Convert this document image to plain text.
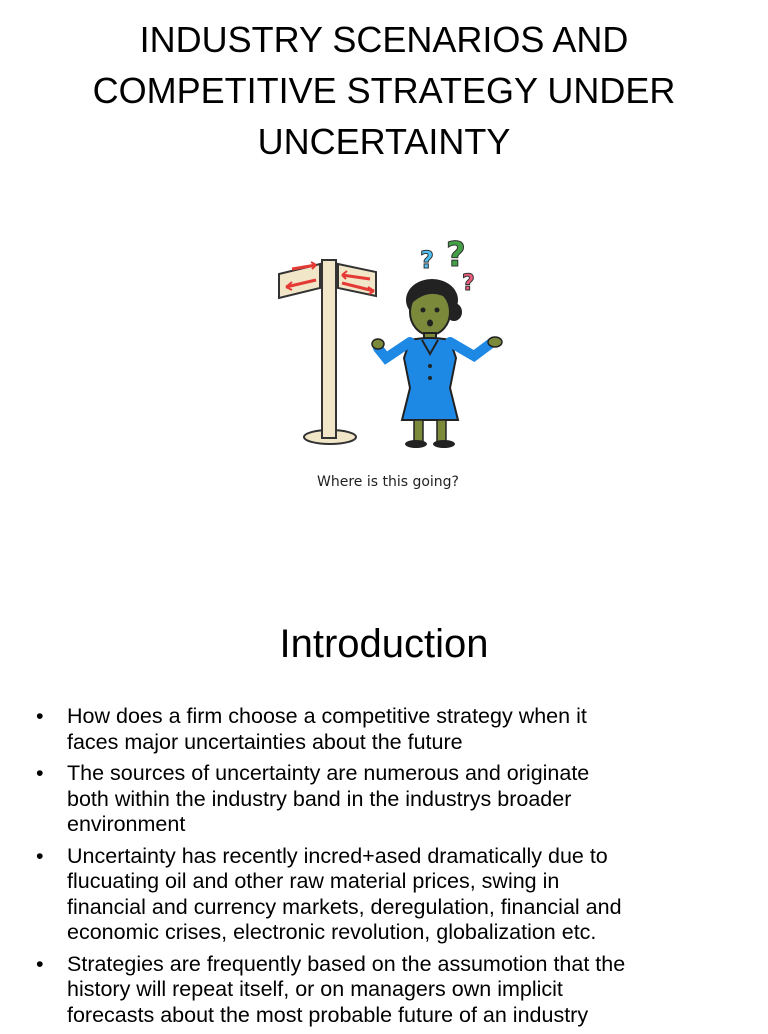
INDUSTRY SCENARIOS AND
COMPETITIVE STRATEGY UNDER
UNCERTAINTY
? ?
?
Where is this going?
Introduction
• How does a firm choose a competitive strategy when it
faces major uncertainties about the future
• The sources of uncertainty are numerous and originate
both within the industry band in the industrys broader
environment
• Uncertainty has recently incred+ased dramatically due to
flucuating oil and other raw material prices, swing in
financial and currency markets, deregulation, financial and
economic crises, electronic revolution, globalization etc.
• Strategies are frequently based on the assumotion that the
history will repeat itself, or on managers own implicit
forecasts about the most probable future of an industry
